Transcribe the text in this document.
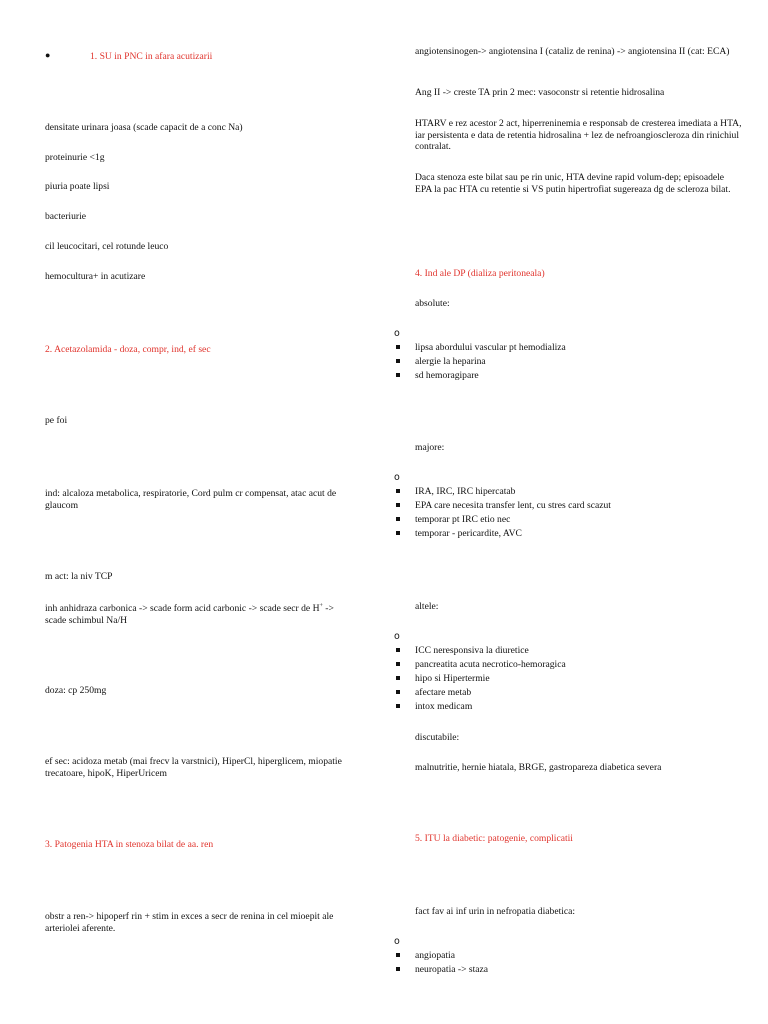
●	1. SU in PNC in afara acutizarii
densitate urinara joasa (scade capacit de a conc Na)
proteinurie <1g
piuria poate lipsi
bacteriurie
cil leucocitari, cel rotunde leuco
hemocultura+ in acutizare
2. Acetazolamida - doza, compr, ind, ef sec
pe foi
ind: alcaloza metabolica, respiratorie, Cord pulm cr compensat, atac acut de glaucom
m act: la niv TCP
inh anhidraza carbonica -> scade form acid carbonic -> scade secr de H+ -> scade schimbul Na/H
doza: cp 250mg
ef sec: acidoza metab (mai frecv la varstnici), HiperCl, hiperglicem, miopatie trecatoare, hipoK, HiperUricem
3. Patogenia HTA in stenoza bilat de aa. ren
obstr a ren-> hipoperf rin + stim in exces a secr de renina in cel mioepit ale arteriolei aferente.
angiotensinogen-> angiotensina I (cataliz de renina) -> angiotensina II (cat: ECA)
Ang II -> creste TA prin 2 mec: vasoconstr si retentie hidrosalina
HTARV e rez acestor 2 act, hiperreninemia e responsab de cresterea imediata a HTA, iar persistenta e data de retentia hidrosalina + lez de nefroangioscleroza din rinichiul contralat.
Daca stenoza este bilat sau pe rin unic, HTA devine rapid volum-dep; episoadele EPA la pac HTA cu retentie si VS putin hipertrofiat sugereaza dg de scleroza bilat.
4. Ind ale DP (dializa peritoneala)
absolute:
o
lipsa abordului vascular pt hemodializa
alergie la heparina
sd hemoragipare
majore:
o
IRA, IRC, IRC hipercatab
EPA care necesita transfer lent, cu stres card scazut
temporar pt IRC etio nec
temporar - pericardite, AVC
altele:
o
ICC neresponsiva la diuretice
pancreatita acuta necrotico-hemoragica
hipo si Hipertermie
afectare metab
intox medicam
discutabile:
malnutritie, hernie hiatala, BRGE, gastropareza diabetica severa
5. ITU la diabetic: patogenie, complicatii
fact fav ai inf urin in nefropatia diabetica:
o
angiopatia
neuropatia -> staza
